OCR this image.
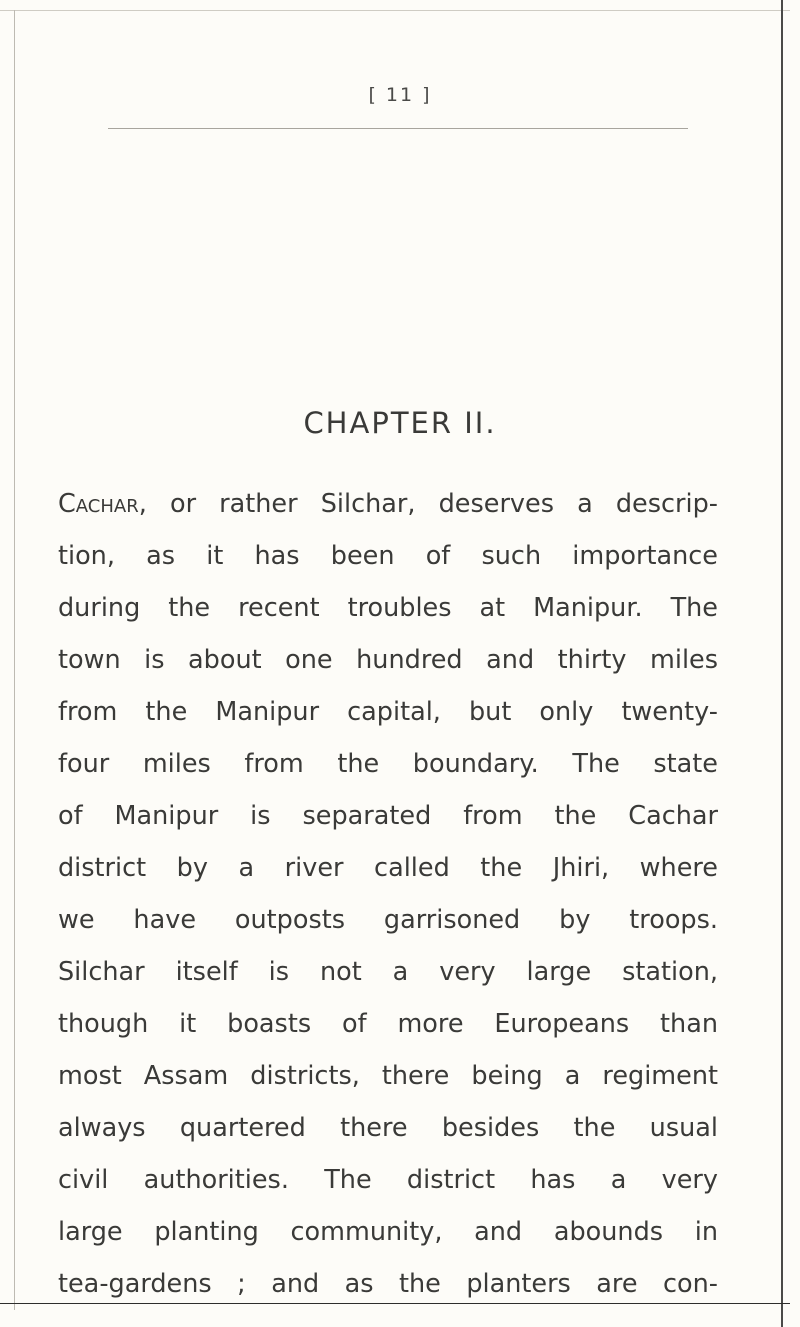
[ 11 ]
CHAPTER II.
Cachar, or rather Silchar, deserves a descrip-
tion, as it has been of such importance
during the recent troubles at Manipur. The
town is about one hundred and thirty miles
from the Manipur capital, but only twenty-
four miles from the boundary. The state
of Manipur is separated from the Cachar
district by a river called the Jhiri, where
we have outposts garrisoned by troops.
Silchar itself is not a very large station,
though it boasts of more Europeans than
most Assam districts, there being a regiment
always quartered there besides the usual
civil authorities. The district has a very
large planting community, and abounds in
tea-gardens ; and as the planters are con-
